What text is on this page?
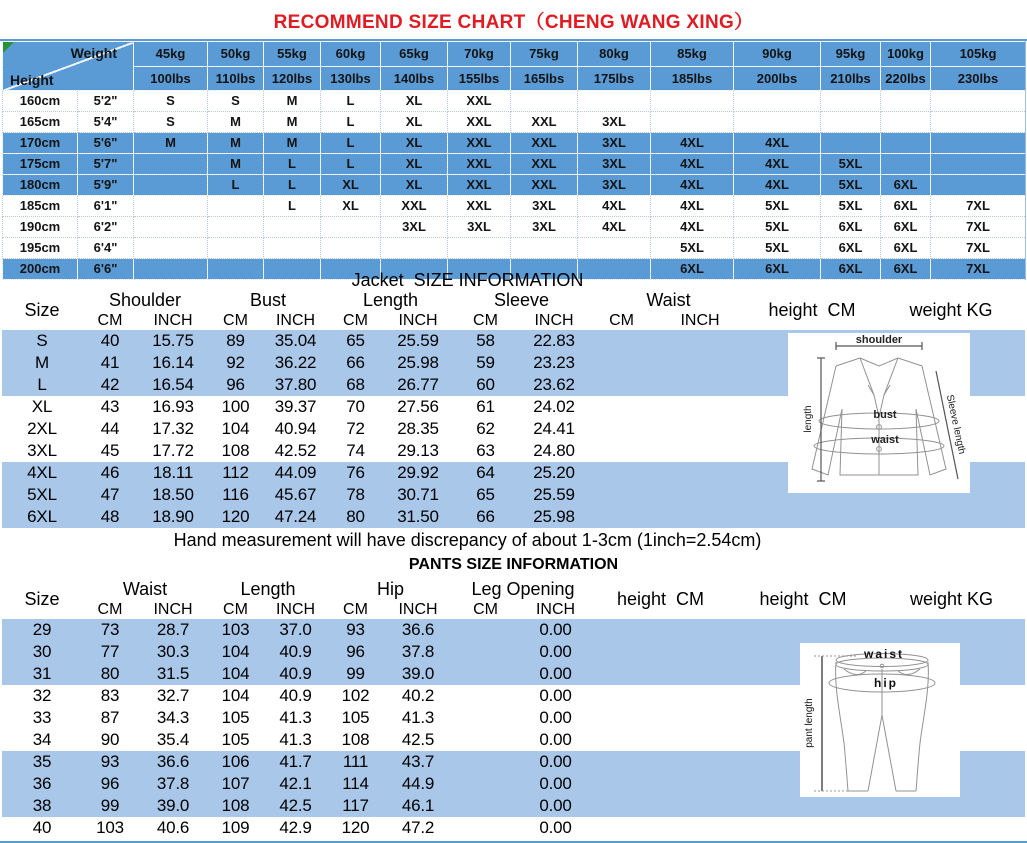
RECOMMEND SIZE CHART（CHENG WANG XING）
Weight
Height		45kg	50kg	55kg	60kg	65kg	70kg	75kg	80kg	85kg	90kg	95kg	100kg	105kg
		100lbs	110lbs	120lbs	130lbs	140lbs	155lbs	165lbs	175lbs	185lbs	200lbs	210lbs	220lbs	230lbs
160cm	5'2"	S	S	M	L	XL	XXL							
165cm	5'4"	S	M	M	L	XL	XXL	XXL	3XL					
170cm	5'6"	M	M	M	L	XL	XXL	XXL	3XL	4XL	4XL			
175cm	5'7"		M	L	L	XL	XXL	XXL	3XL	4XL	4XL	5XL		
180cm	5'9"		L	L	XL	XL	XXL	XXL	3XL	4XL	4XL	5XL	6XL	
185cm	6'1"			L	XL	XXL	XXL	3XL	4XL	4XL	5XL	5XL	6XL	7XL
190cm	6'2"					3XL	3XL	3XL	4XL	4XL	5XL	6XL	6XL	7XL
195cm	6'4"									5XL	5XL	6XL	6XL	7XL
200cm	6'6"									6XL	6XL	6XL	6XL	7XL
Jacket  SIZE INFORMATION
Size	Shoulder		Bust		Length		Sleeve		Waist		height  CM	weight KG
	CM	INCH	CM	INCH	CM	INCH	CM	INCH	CM	INCH		
S	40	15.75	89	35.04	65	25.59	58	22.83				
M	41	16.14	92	36.22	66	25.98	59	23.23				
L	42	16.54	96	37.80	68	26.77	60	23.62				
XL	43	16.93	100	39.37	70	27.56	61	24.02				
2XL	44	17.32	104	40.94	72	28.35	62	24.41				
3XL	45	17.72	108	42.52	74	29.13	63	24.80				
4XL	46	18.11	112	44.09	76	29.92	64	25.20				
5XL	47	18.50	116	45.67	78	30.71	65	25.59				
6XL	48	18.90	120	47.24	80	31.50	66	25.98				
Hand measurement will have discrepancy of about 1-3cm (1inch=2.54cm)
PANTS SIZE INFORMATION
Size	Waist		Length		Hip		Leg Opening		height  CM	height  CM	weight KG
	CM	INCH	CM	INCH	CM	INCH	CM	INCH			
29	73	28.7	103	37.0	93	36.6		0.00			
30	77	30.3	104	40.9	96	37.8		0.00			
31	80	31.5	104	40.9	99	39.0		0.00			
32	83	32.7	104	40.9	102	40.2		0.00			
33	87	34.3	105	41.3	105	41.3		0.00			
34	90	35.4	105	41.3	108	42.5		0.00			
35	93	36.6	106	41.7	111	43.7		0.00			
36	96	37.8	107	42.1	114	44.9		0.00			
38	99	39.0	108	42.5	117	46.1		0.00			
40	103	40.6	109	42.9	120	47.2		0.00			
shoulder
bust
waist
length	Sleeve length
waist
hip
pant length
